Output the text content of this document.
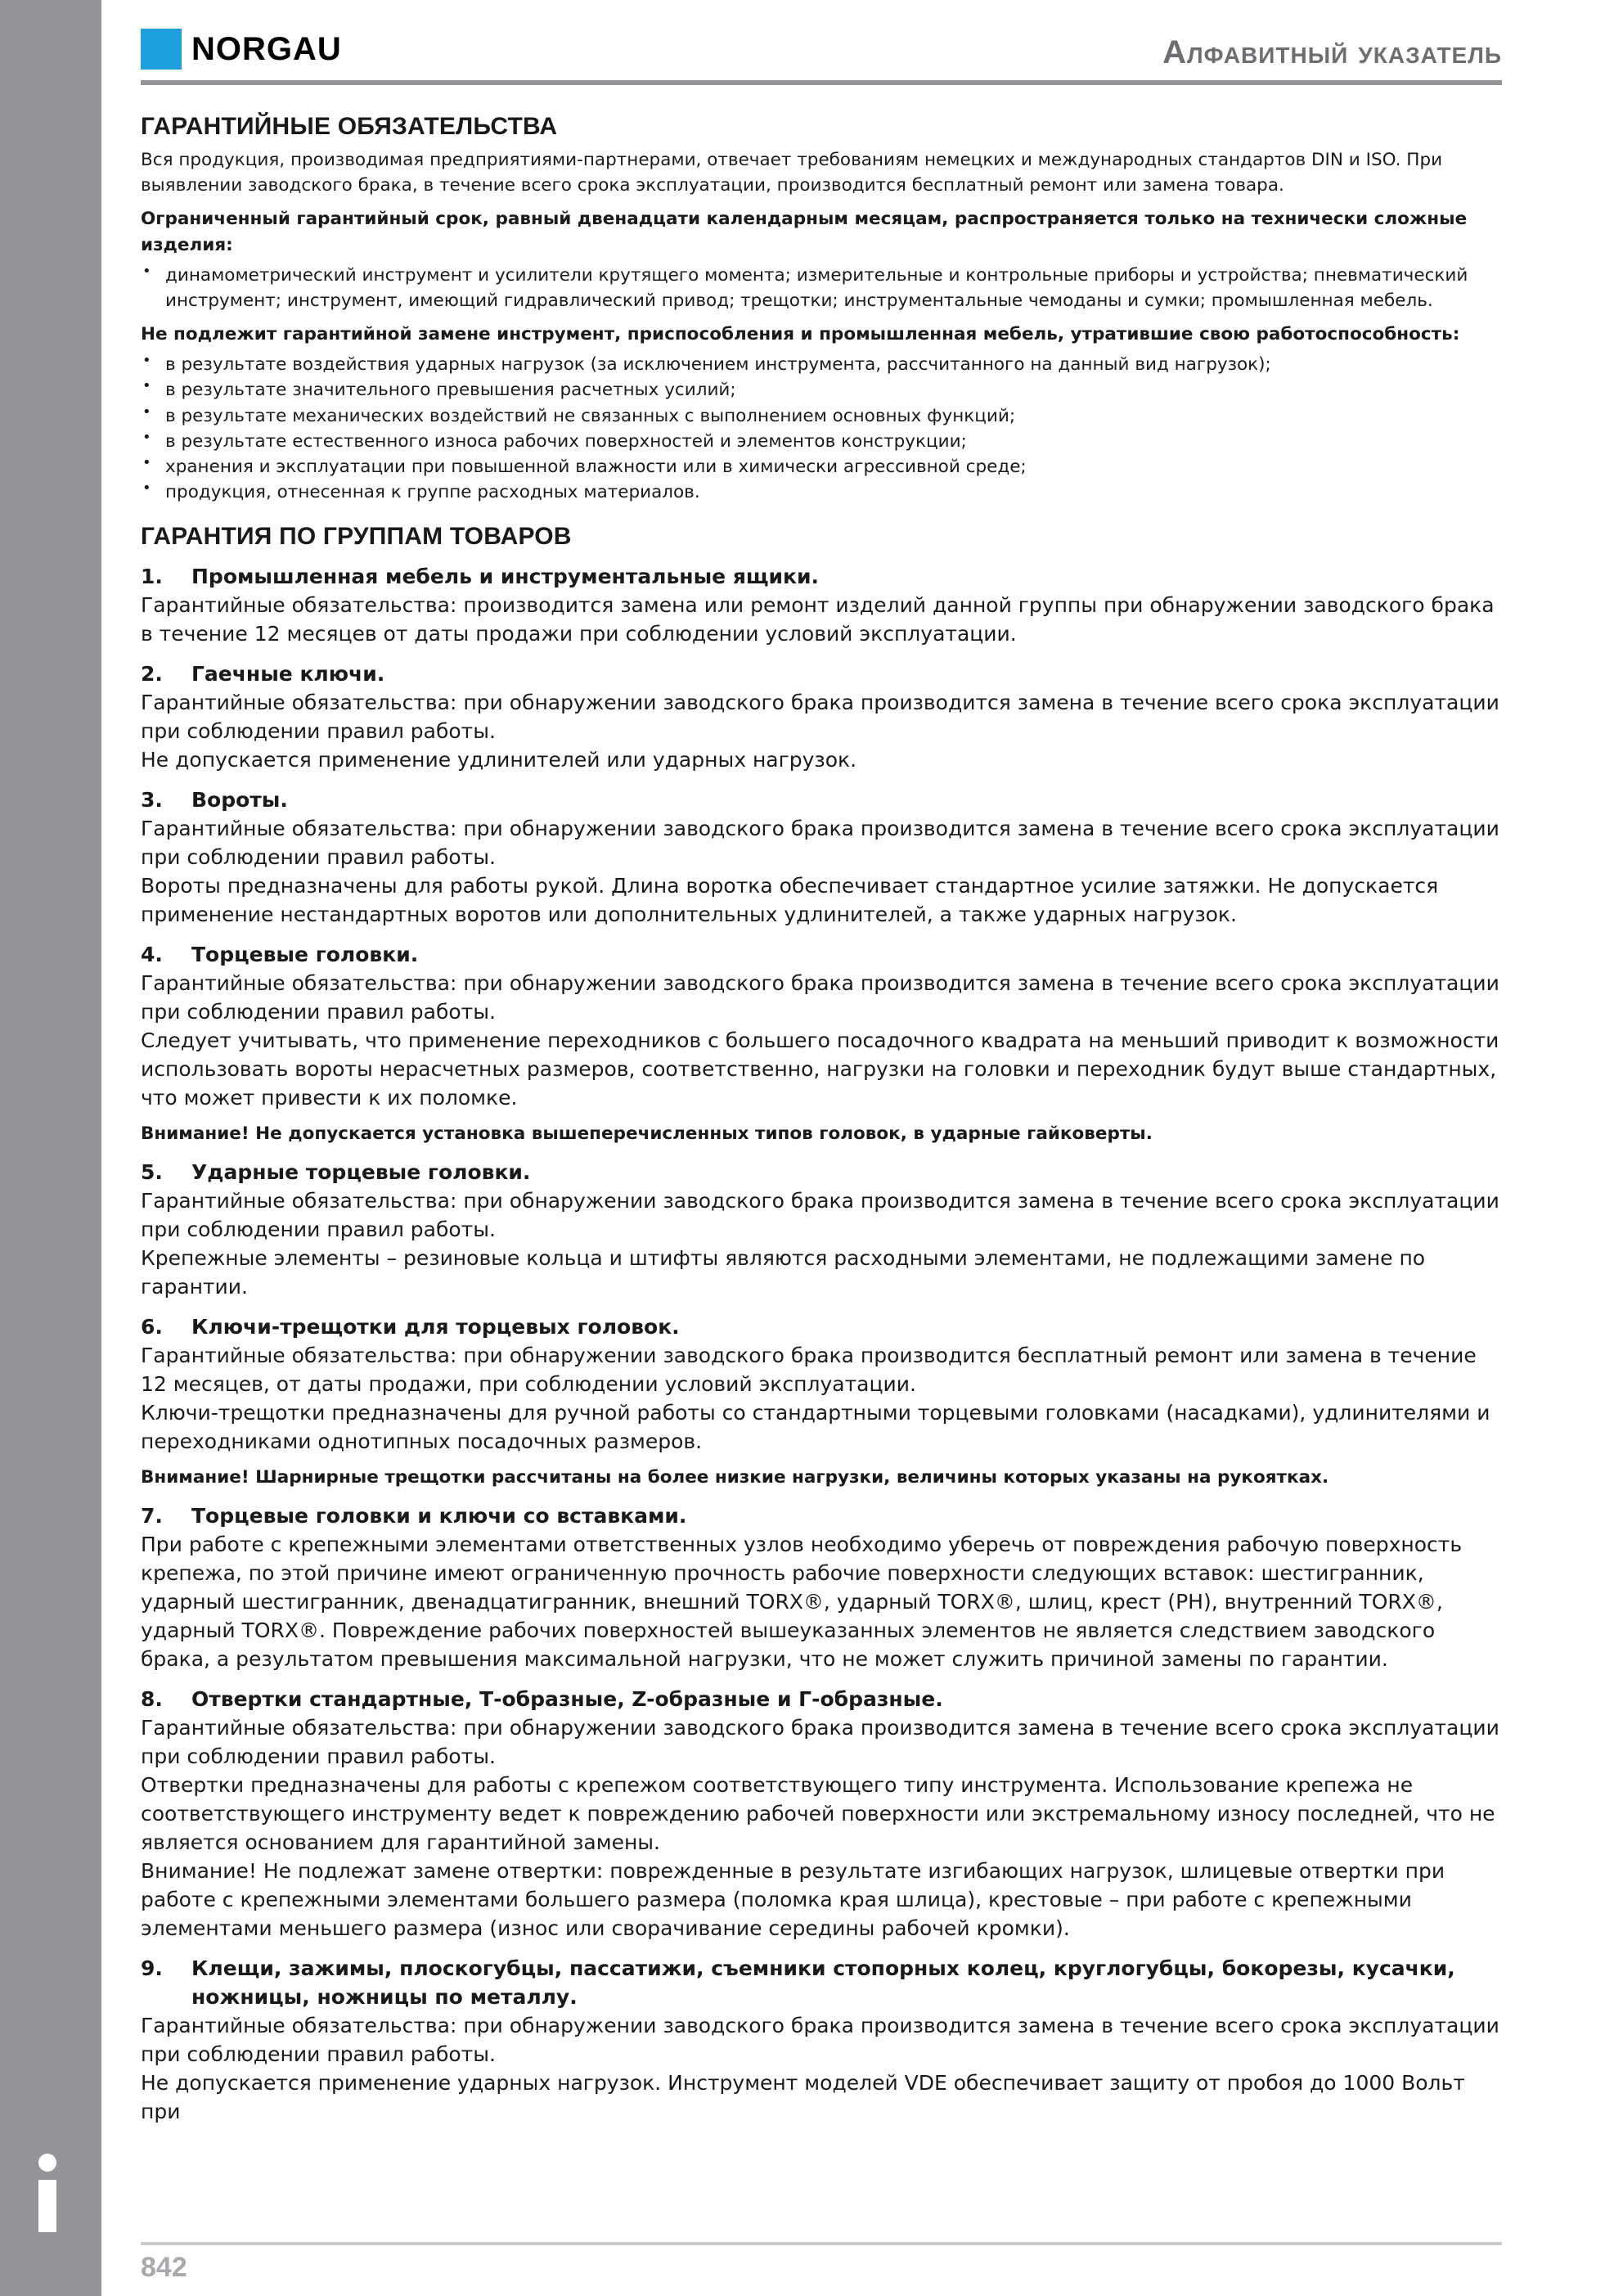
NORGAU	Алфавитный указатель
ГАРАНТИЙНЫЕ ОБЯЗАТЕЛЬСТВА

Вся продукция, производимая предприятиями-партнерами, отвечает требованиям немецких и международных стандартов DIN и ISO. При выявлении заводского брака, в течение всего срока эксплуатации, производится бесплатный ремонт или замена товара.

Ограниченный гарантийный срок, равный двенадцати календарным месяцам, распространяется только на технически сложные изделия:

• динамометрический инструмент и усилители крутящего момента; измерительные и контрольные приборы и устройства; пневматический инструмент; инструмент, имеющий гидравлический привод; трещотки; инструментальные чемоданы и сумки; промышленная мебель.

Не подлежит гарантийной замене инструмент, приспособления и промышленная мебель, утратившие свою работоспособность:

• в результате воздействия ударных нагрузок (за исключением инструмента, рассчитанного на данный вид нагрузок);
• в результате значительного превышения расчетных усилий;
• в результате механических воздействий не связанных с выполнением основных функций;
• в результате естественного износа рабочих поверхностей и элементов конструкции;
• хранения и эксплуатации при повышенной влажности или в химически агрессивной среде;
• продукция, отнесенная к группе расходных материалов.
ГАРАНТИЯ ПО ГРУППАМ ТОВАРОВ
1.	Промышленная мебель и инструментальные ящики.

Гарантийные обязательства: производится замена или ремонт изделий данной группы при обнаружении заводского брака в течение 12 месяцев от даты продажи при соблюдении условий эксплуатации.

2.	Гаечные ключи.

Гарантийные обязательства: при обнаружении заводского брака производится замена в течение всего срока эксплуатации при соблюдении правил работы.

Не допускается применение удлинителей или ударных нагрузок.

3.	Вороты.

Гарантийные обязательства: при обнаружении заводского брака производится замена в течение всего срока эксплуатации при соблюдении правил работы.

Вороты предназначены для работы рукой. Длина воротка обеспечивает стандартное усилие затяжки. Не допускается применение нестандартных воротов или дополнительных удлинителей, а также ударных нагрузок.

4.	Торцевые головки.

Гарантийные обязательства: при обнаружении заводского брака производится замена в течение всего срока эксплуатации при соблюдении правил работы.

Следует учитывать, что применение переходников с большего посадочного квадрата на меньший приводит к возможности использовать вороты нерасчетных размеров, соответственно, нагрузки на головки и переходник будут выше стандартных, что может привести к их поломке.

Внимание! Не допускается установка вышеперечисленных типов головок, в ударные гайковерты.

5.	Ударные торцевые головки.

Гарантийные обязательства: при обнаружении заводского брака производится замена в течение всего срока эксплуатации при соблюдении правил работы.

Крепежные элементы – резиновые кольца и штифты являются расходными элементами, не подлежащими замене по гарантии.

6.	Ключи-трещотки для торцевых головок.

Гарантийные обязательства: при обнаружении заводского брака производится бесплатный ремонт или замена в течение 12 месяцев, от даты продажи, при соблюдении условий эксплуатации.

Ключи-трещотки предназначены для ручной работы со стандартными торцевыми головками (насадками), удлинителями и переходниками однотипных посадочных размеров.

Внимание! Шарнирные трещотки рассчитаны на более низкие нагрузки, величины которых указаны на рукоятках.

7.	Торцевые головки и ключи со вставками.

При работе с крепежными элементами ответственных узлов необходимо уберечь от повреждения рабочую поверхность крепежа, по этой причине имеют ограниченную прочность рабочие поверхности следующих вставок: шестигранник, ударный шестигранник, двенадцатигранник, внешний TORX®, ударный TORX®, шлиц, крест (PH), внутренний TORX®, ударный TORX®. Повреждение рабочих поверхностей вышеуказанных элементов не является следствием заводского брака, а результатом превышения максимальной нагрузки, что не может служить причиной замены по гарантии.

8.	Отвертки стандартные, Т-образные, Z-образные и Г-образные.

Гарантийные обязательства: при обнаружении заводского брака производится замена в течение всего срока эксплуатации при соблюдении правил работы.

Отвертки предназначены для работы с крепежом соответствующего типу инструмента. Использование крепежа не соответствующего инструменту ведет к повреждению рабочей поверхности или экстремальному износу последней, что не является основанием для гарантийной замены.

Внимание! Не подлежат замене отвертки: поврежденные в результате изгибающих нагрузок, шлицевые отвертки при работе с крепежными элементами большего размера (поломка края шлица), крестовые – при работе с крепежными элементами меньшего размера (износ или сворачивание середины рабочей кромки).

9.	Клещи, зажимы, плоскогубцы, пассатижи, съемники стопорных колец, круглогубцы, бокорезы, кусачки, ножницы, ножницы по металлу.

Гарантийные обязательства: при обнаружении заводского брака производится замена в течение всего срока эксплуатации при соблюдении правил работы.

Не допускается применение ударных нагрузок. Инструмент моделей VDE обеспечивает защиту от пробоя до 1000 Вольт при

842
